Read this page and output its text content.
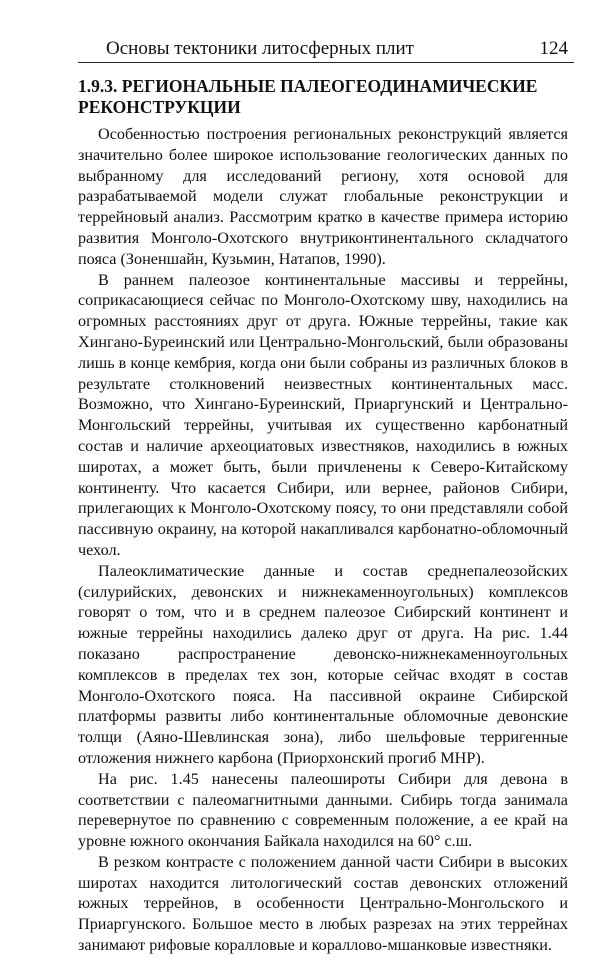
Основы тектоники литосферных плит	124
1.9.3. РЕГИОНАЛЬНЫЕ ПАЛЕОГЕОДИНАМИЧЕСКИЕ РЕКОНСТРУКЦИИ

Особенностью построения региональных реконструкций является значительно более широкое использование геологических данных по выбранному для исследований региону, хотя основой для разрабатываемой модели служат глобальные реконструкции и террейновый анализ. Рассмотрим кратко в качестве примера историю развития Монголо-Охотского внутриконтинентального складчатого пояса (Зоненшайн, Кузьмин, Натапов, 1990).

В раннем палеозое континентальные массивы и террейны, соприкасающиеся сейчас по Монголо-Охотскому шву, находились на огромных расстояниях друг от друга. Южные террейны, такие как Хингано-Буреинский или Центрально-Монгольский, были образованы лишь в конце кембрия, когда они были собраны из различных блоков в результате столкновений неизвестных континентальных масс. Возможно, что Хингано-Буреинский, Приаргунский и Центрально-Монгольский террейны, учитывая их существенно карбонатный состав и наличие археоциатовых известняков, находились в южных широтах, а может быть, были причленены к Северо-Китайскому континенту. Что касается Сибири, или вернее, районов Сибири, прилегающих к Монголо-Охотскому поясу, то они представляли собой пассивную окраину, на которой накапливался карбонатно-обломочный чехол.

Палеоклиматические данные и состав среднепалеозойских (силурийских, девонских и нижнекаменноугольных) комплексов говорят о том, что и в среднем палеозое Сибирский континент и южные террейны находились далеко друг от друга. На рис. 1.44 показано распространение девонско-нижнекаменноугольных комплексов в пределах тех зон, которые сейчас входят в состав Монголо-Охотского пояса. На пассивной окраине Сибирской платформы развиты либо континентальные обломочные девонские толщи (Аяно-Шевлинская зона), либо шельфовые терригенные отложения нижнего карбона (Приорхонский прогиб МНР).

На рис. 1.45 нанесены палеошироты Сибири для девона в соответствии с палеомагнитными данными. Сибирь тогда занимала перевернутое по сравнению с современным положение, а ее край на уровне южного окончания Байкала находился на 60° с.ш.

В резком контрасте с положением данной части Сибири в высоких широтах находится литологический состав девонских отложений южных террейнов, в особенности Центрально-Монгольского и Приаргунского. Большое место в любых разрезах на этих террейнах занимают рифовые коралловые и кораллово-мшанковые известняки.
